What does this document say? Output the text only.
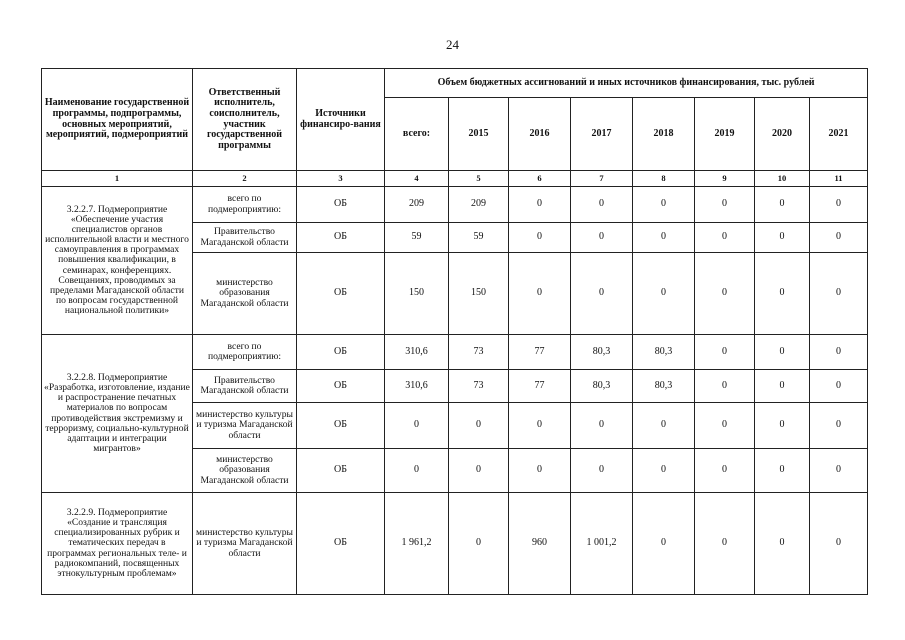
24
Наименование государственной программы, подпрограммы, основных мероприятий, мероприятий, подмероприятий	Ответственный исполнитель, соисполнитель, участник государственной программы	Источники финансиро-вания	Объем бюджетных ассигнований и иных источников финансирования, тыс. рублей							
			всего:	2015	2016	2017	2018	2019	2020	2021
1	2	3	4	5	6	7	8	9	10	11
3.2.2.7. Подмероприятие «Обеспечение участия специалистов органов исполнительной власти и местного самоуправления в программах повышения квалификации, в семинарах, конференциях. Совещаниях, проводимых за пределами Магаданской области по вопросам государственной национальной политики»	всего по подмероприятию:	ОБ	209	209	0	0	0	0	0	0
	Правительство Магаданской области	ОБ	59	59	0	0	0	0	0	0
	министерство образования Магаданской области	ОБ	150	150	0	0	0	0	0	0
3.2.2.8. Подмероприятие «Разработка, изготовление, издание и распространение печатных материалов по вопросам противодействия экстремизму и терроризму, социально-культурной адаптации и интеграции мигрантов»	всего по подмероприятию:	ОБ	310,6	73	77	80,3	80,3	0	0	0
	Правительство Магаданской области	ОБ	310,6	73	77	80,3	80,3	0	0	0
	министерство культуры и туризма Магаданской области	ОБ	0	0	0	0	0	0	0	0
	министерство образования Магаданской области	ОБ	0	0	0	0	0	0	0	0
3.2.2.9. Подмероприятие «Создание и трансляция специализированных рубрик и тематических передач в программах региональных теле- и радиокомпаний, посвященных этнокультурным проблемам»	министерство культуры и туризма Магаданской области	ОБ	1 961,2	0	960	1 001,2	0	0	0	0
